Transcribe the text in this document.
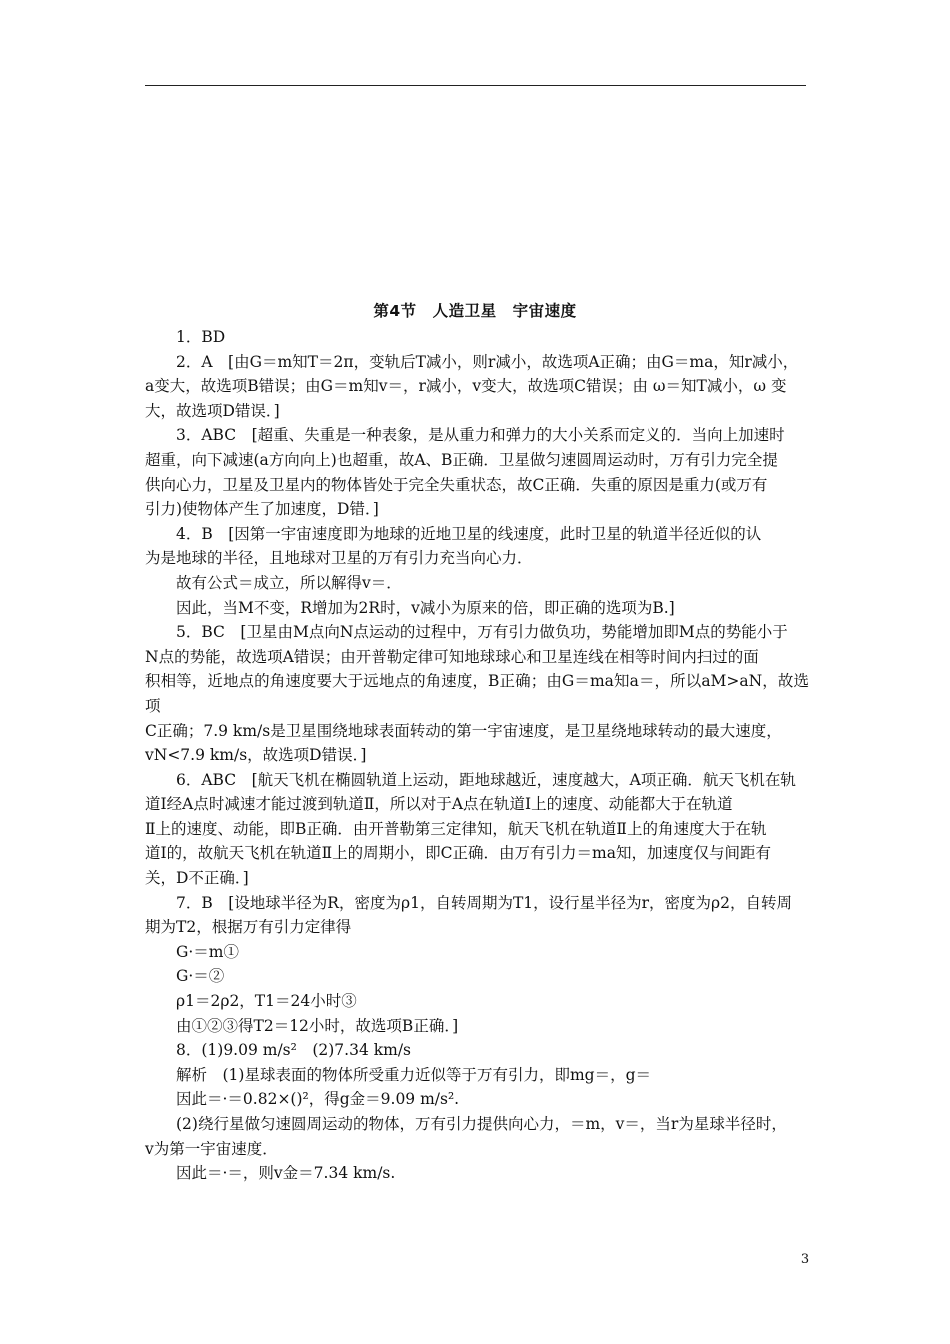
第4节　人造卫星　宇宙速度
1．BD
2．A　[由G＝m知T＝2π，变轨后T减小，则r减小，故选项A正确；由G＝ma，知r减小，
a变大，故选项B错误；由G＝m知v＝，r减小，v变大，故选项C错误；由 ω＝知T减小，ω 变
大，故选项D错误．]
3．ABC　[超重、失重是一种表象，是从重力和弹力的大小关系而定义的．当向上加速时
超重，向下减速(a方向向上)也超重，故A、B正确．卫星做匀速圆周运动时，万有引力完全提
供向心力，卫星及卫星内的物体皆处于完全失重状态，故C正确．失重的原因是重力(或万有
引力)使物体产生了加速度，D错．]
4．B　[因第一宇宙速度即为地球的近地卫星的线速度，此时卫星的轨道半径近似的认
为是地球的半径，且地球对卫星的万有引力充当向心力．
故有公式＝成立，所以解得v＝．
因此，当M不变，R增加为2R时，v减小为原来的倍，即正确的选项为B.]
5．BC　[卫星由M点向N点运动的过程中，万有引力做负功，势能增加即M点的势能小于
N点的势能，故选项A错误；由开普勒定律可知地球球心和卫星连线在相等时间内扫过的面
积相等，近地点的角速度要大于远地点的角速度，B正确；由G＝ma知a＝，所以aM>aN，故选项
C正确；7.9 km/s是卫星围绕地球表面转动的第一宇宙速度，是卫星绕地球转动的最大速度，
vN<7.9 km/s，故选项D错误．]
6．ABC　[航天飞机在椭圆轨道上运动，距地球越近，速度越大，A项正确．航天飞机在轨
道Ⅰ经A点时减速才能过渡到轨道Ⅱ，所以对于A点在轨道Ⅰ上的速度、动能都大于在轨道
Ⅱ上的速度、动能，即B正确．由开普勒第三定律知，航天飞机在轨道Ⅱ上的角速度大于在轨
道Ⅰ的，故航天飞机在轨道Ⅱ上的周期小，即C正确．由万有引力＝ma知，加速度仅与间距有
关，D不正确．]
7．B　[设地球半径为R，密度为ρ1，自转周期为T1，设行星半径为r，密度为ρ2，自转周
期为T2，根据万有引力定律得
G·＝m①
G·＝②
ρ1＝2ρ2，T1＝24小时③
由①②③得T2＝12小时，故选项B正确．]
8．(1)9.09 m/s²　(2)7.34 km/s
解析　(1)星球表面的物体所受重力近似等于万有引力，即mg＝，g＝
因此＝·＝0.82×()²，得g金＝9.09 m/s².
(2)绕行星做匀速圆周运动的物体，万有引力提供向心力，＝m，v＝，当r为星球半径时，
v为第一宇宙速度．
因此＝·＝，则v金＝7.34 km/s.
3
